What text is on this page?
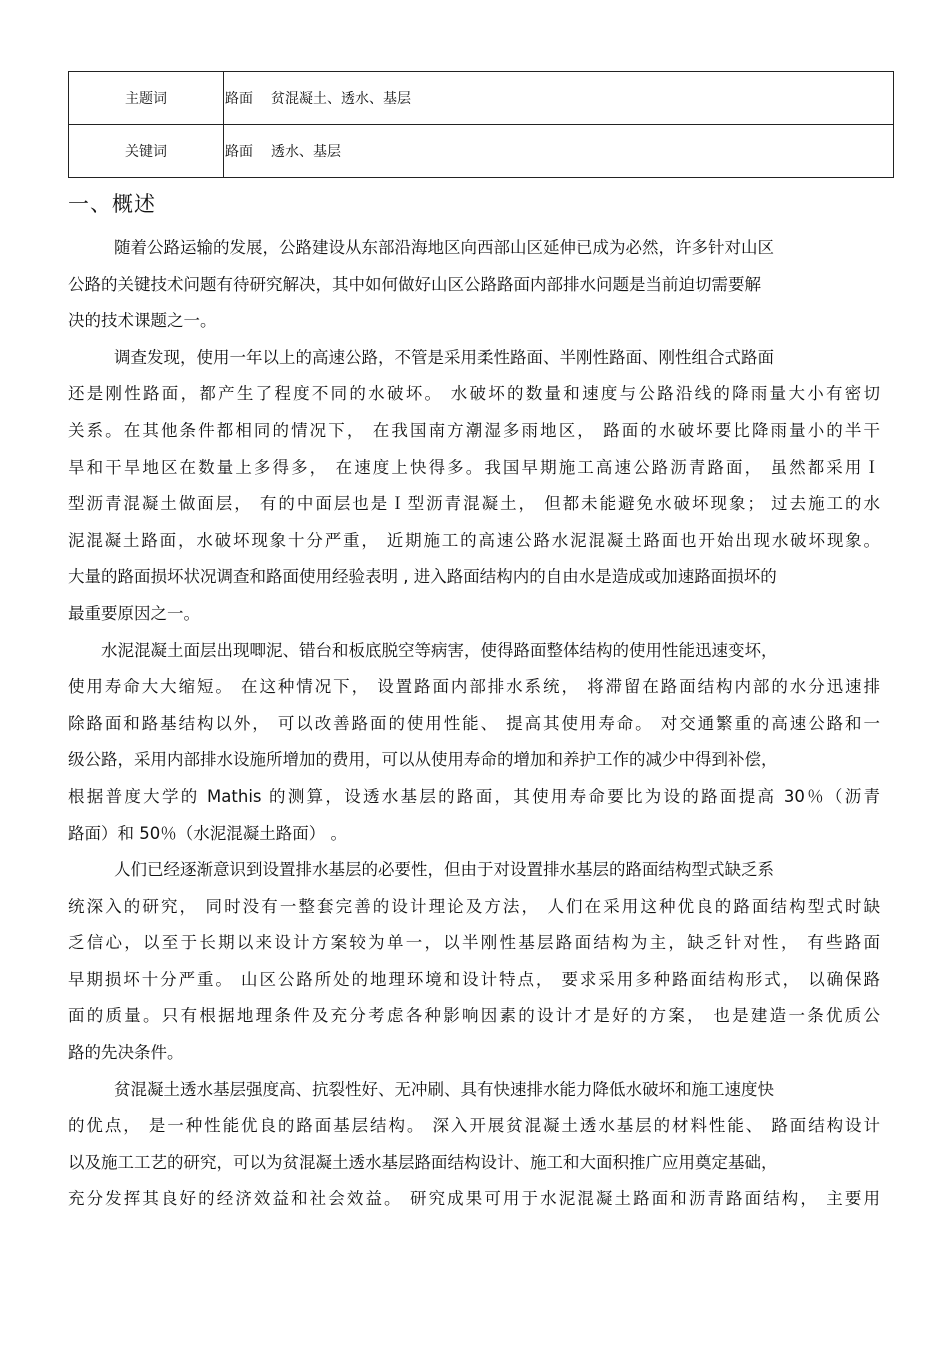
主题词	路面 贫混凝土、透水、基层
关键词	路面 透水、基层
一、概述
随着公路运输的发展，公路建设从东部沿海地区向西部山区延伸已成为必然，许多针对山区
公路的关键技术问题有待研究解决，其中如何做好山区公路路面内部排水问题是当前迫切需要解
决的技术课题之一。
调查发现，使用一年以上的高速公路，不管是采用柔性路面、半刚性路面、刚性组合式路面
还是刚性路面，都产生了程度不同的水破坏。 水破坏的数量和速度与公路沿线的降雨量大小有密切
关系。在其他条件都相同的情况下， 在我国南方潮湿多雨地区， 路面的水破坏要比降雨量小的半干
旱和干旱地区在数量上多得多， 在速度上快得多。我国早期施工高速公路沥青路面， 虽然都采用Ｉ
型沥青混凝土做面层， 有的中面层也是Ｉ型沥青混凝土， 但都未能避免水破坏现象； 过去施工的水
泥混凝土路面，水破坏现象十分严重， 近期施工的高速公路水泥混凝土路面也开始出现水破坏现象。
大量的路面损坏状况调查和路面使用经验表明 , 进入路面结构内的自由水是造成或加速路面损坏的
最重要原因之一。
水泥混凝土面层出现唧泥、错台和板底脱空等病害，使得路面整体结构的使用性能迅速变坏，
使用寿命大大缩短。 在这种情况下， 设置路面内部排水系统， 将滞留在路面结构内部的水分迅速排
除路面和路基结构以外， 可以改善路面的使用性能、 提高其使用寿命。 对交通繁重的高速公路和一
级公路，采用内部排水设施所增加的费用，可以从使用寿命的增加和养护工作的减少中得到补偿，
根据普度大学的 Mathis 的测算，设透水基层的路面，其使用寿命要比为设的路面提高 30％（沥青
路面）和 50％（水泥混凝土路面） 。
人们已经逐渐意识到设置排水基层的必要性，但由于对设置排水基层的路面结构型式缺乏系
统深入的研究， 同时没有一整套完善的设计理论及方法， 人们在采用这种优良的路面结构型式时缺
乏信心，以至于长期以来设计方案较为单一，以半刚性基层路面结构为主，缺乏针对性， 有些路面
早期损坏十分严重。 山区公路所处的地理环境和设计特点， 要求采用多种路面结构形式， 以确保路
面的质量。只有根据地理条件及充分考虑各种影响因素的设计才是好的方案， 也是建造一条优质公
路的先决条件。
贫混凝土透水基层强度高、抗裂性好、无冲刷、具有快速排水能力降低水破坏和施工速度快
的优点， 是一种性能优良的路面基层结构。 深入开展贫混凝土透水基层的材料性能、 路面结构设计
以及施工工艺的研究，可以为贫混凝土透水基层路面结构设计、施工和大面积推广应用奠定基础，
充分发挥其良好的经济效益和社会效益。 研究成果可用于水泥混凝土路面和沥青路面结构， 主要用
